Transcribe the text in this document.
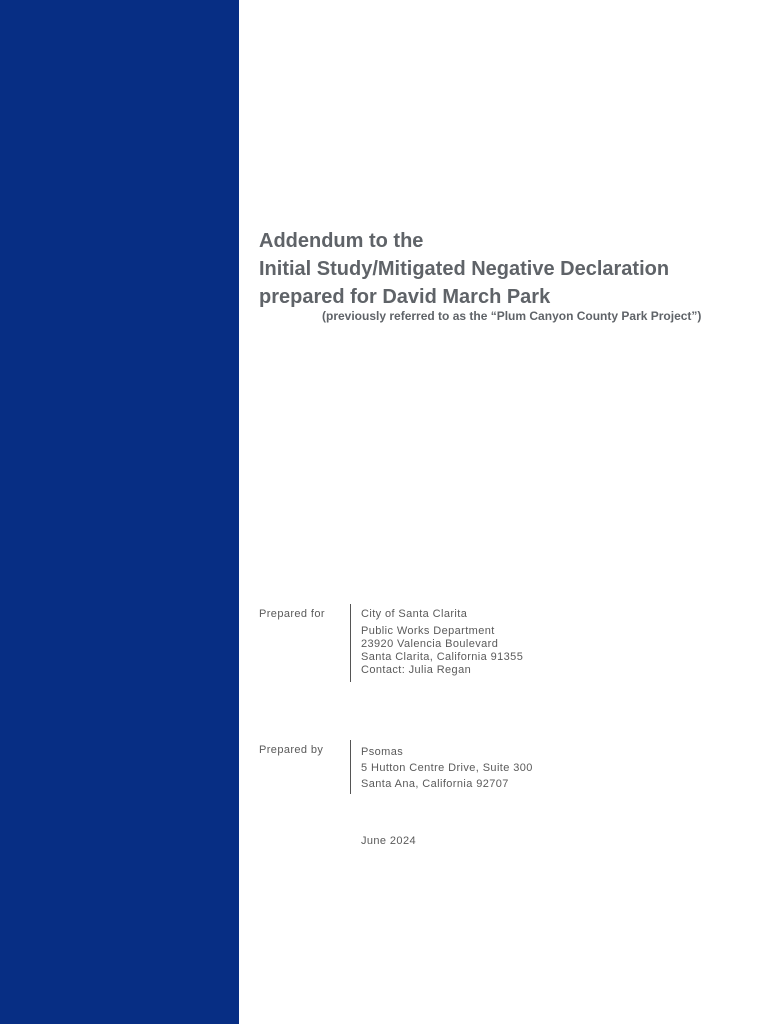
Addendum to the
Initial Study/Mitigated Negative Declaration
prepared for David March Park
(previously referred to as the “Plum Canyon County Park Project”)
Prepared for	City of Santa Clarita
Public Works Department
23920 Valencia Boulevard
Santa Clarita, California 91355
Contact: Julia Regan
Prepared by	Psomas
5 Hutton Centre Drive, Suite 300
Santa Ana, California 92707
June 2024
